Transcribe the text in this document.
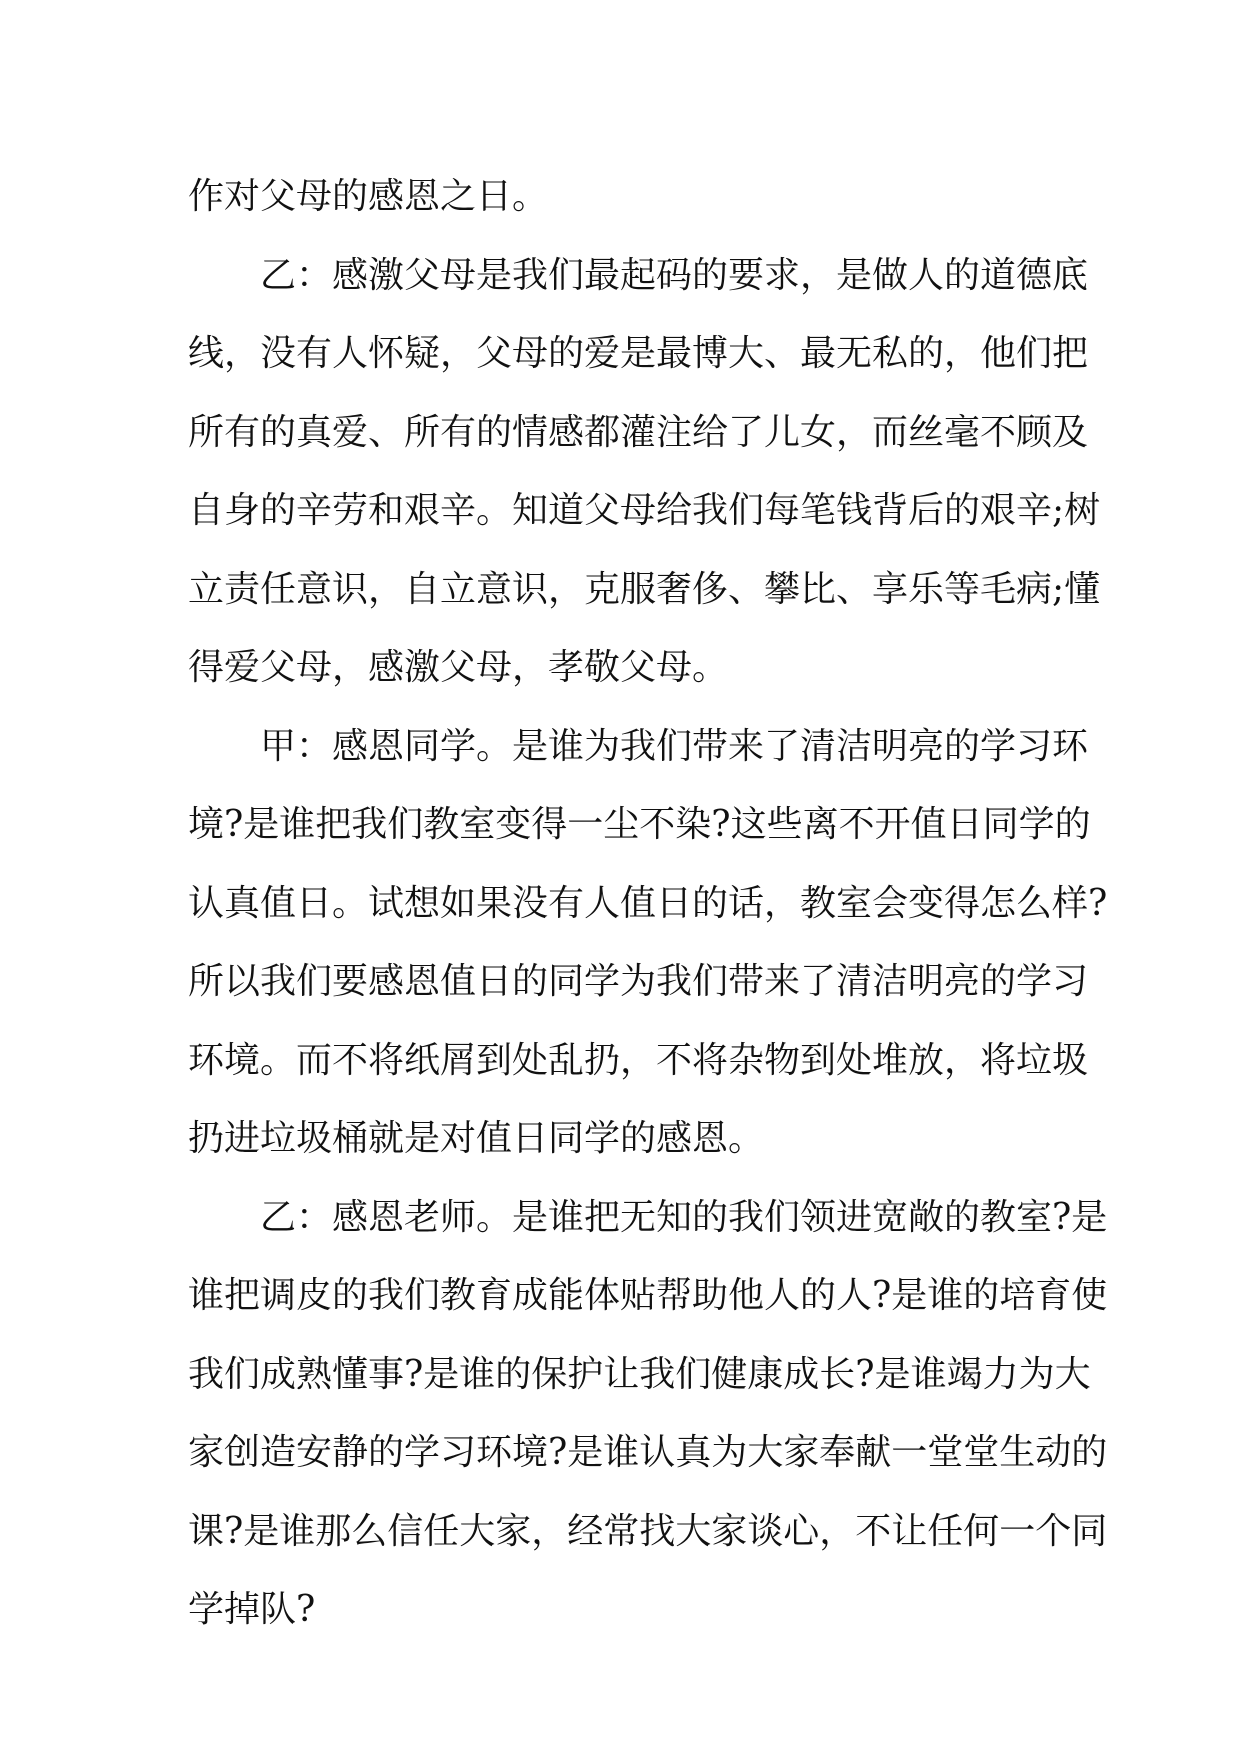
作对父母的感恩之日。
乙：感激父母是我们最起码的要求，是做人的道德底
线，没有人怀疑，父母的爱是最博大、最无私的，他们把
所有的真爱、所有的情感都灌注给了儿女，而丝毫不顾及
自身的辛劳和艰辛。知道父母给我们每笔钱背后的艰辛;树
立责任意识，自立意识，克服奢侈、攀比、享乐等毛病;懂
得爱父母，感激父母，孝敬父母。
甲：感恩同学。是谁为我们带来了清洁明亮的学习环
境?是谁把我们教室变得一尘不染?这些离不开值日同学的
认真值日。试想如果没有人值日的话，教室会变得怎么样?
所以我们要感恩值日的同学为我们带来了清洁明亮的学习
环境。而不将纸屑到处乱扔，不将杂物到处堆放，将垃圾
扔进垃圾桶就是对值日同学的感恩。
乙：感恩老师。是谁把无知的我们领进宽敞的教室?是
谁把调皮的我们教育成能体贴帮助他人的人?是谁的培育使
我们成熟懂事?是谁的保护让我们健康成长?是谁竭力为大
家创造安静的学习环境?是谁认真为大家奉献一堂堂生动的
课?是谁那么信任大家，经常找大家谈心，不让任何一个同
学掉队?
